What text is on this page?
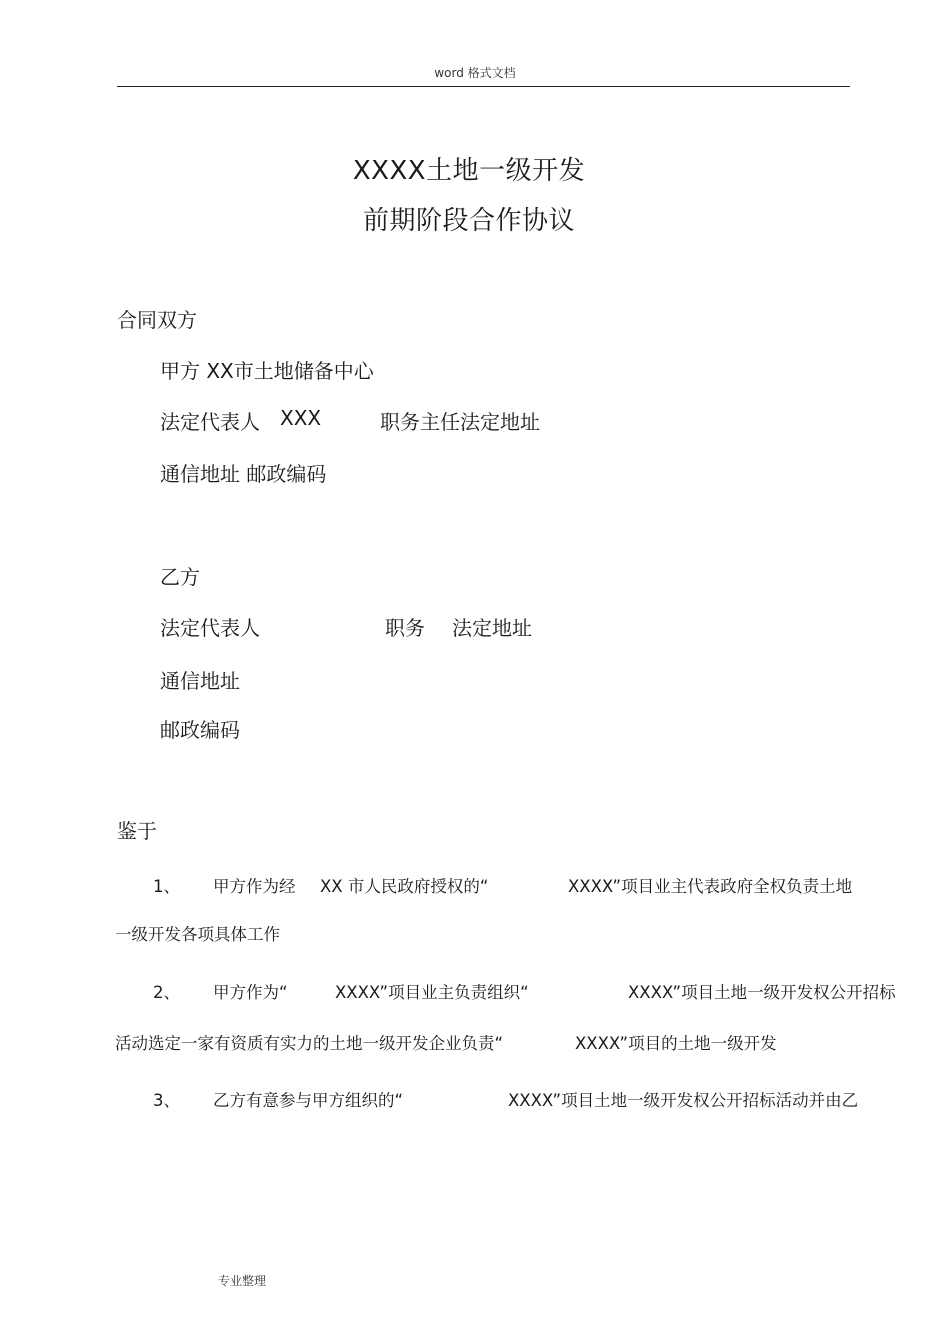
word 格式文档
XXXX土地一级开发
前期阶段合作协议
合同双方
甲方 XX市土地储备中心
法定代表人 XXX	职务主任法定地址
通信地址 邮政编码
乙方
法定代表人	职务 法定地址
通信地址
邮政编码
鉴于
1、 甲方作为经 XX 市人民政府授权的“	XXXX”项目业主代表政府全权负责土地
一级开发各项具体工作
2、 甲方作为“	XXXX”项目业主负责组织“	XXXX”项目土地一级开发权公开招标
活动选定一家有资质有实力的土地一级开发企业负责“	XXXX”项目的土地一级开发
3、 乙方有意参与甲方组织的“	XXXX”项目土地一级开发权公开招标活动并由乙
专业整理
